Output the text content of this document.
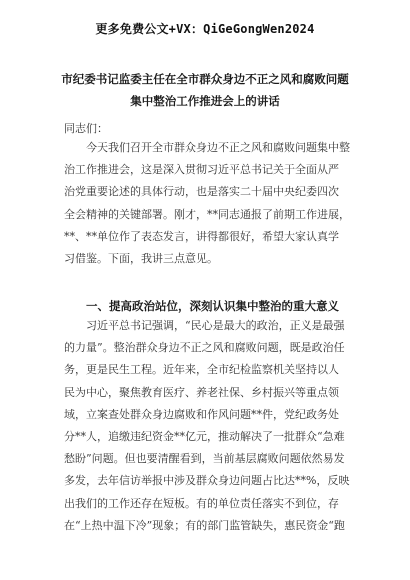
更多免费公文+VX：QiGeGongWen2024
市纪委书记监委主任在全市群众身边不正之风和腐败问题
集中整治工作推进会上的讲话
同志们：
今天我们召开全市群众身边不正之风和腐败问题集中整
治工作推进会，这是深入贯彻习近平总书记关于全面从严
治党重要论述的具体行动，也是落实二十届中央纪委四次
全会精神的关键部署。刚才，**同志通报了前期工作进展，
**、**单位作了表态发言，讲得都很好，希望大家认真学
习借鉴。下面，我讲三点意见。
一、提高政治站位，深刻认识集中整治的重大意义
习近平总书记强调，“民心是最大的政治，正义是最强
的力量”。整治群众身边不正之风和腐败问题，既是政治任
务，更是民生工程。近年来，全市纪检监察机关坚持以人
民为中心，聚焦教育医疗、养老社保、乡村振兴等重点领
域，立案查处群众身边腐败和作风问题**件，党纪政务处
分**人，追缴违纪资金**亿元，推动解决了一批群众“急难
愁盼”问题。但也要清醒看到，当前基层腐败问题依然易发
多发，去年信访举报中涉及群众身边问题占比达**%，反映
出我们的工作还存在短板。有的单位责任落实不到位，存
在“上热中温下冷”现象；有的部门监管缺失，惠民资金“跑
